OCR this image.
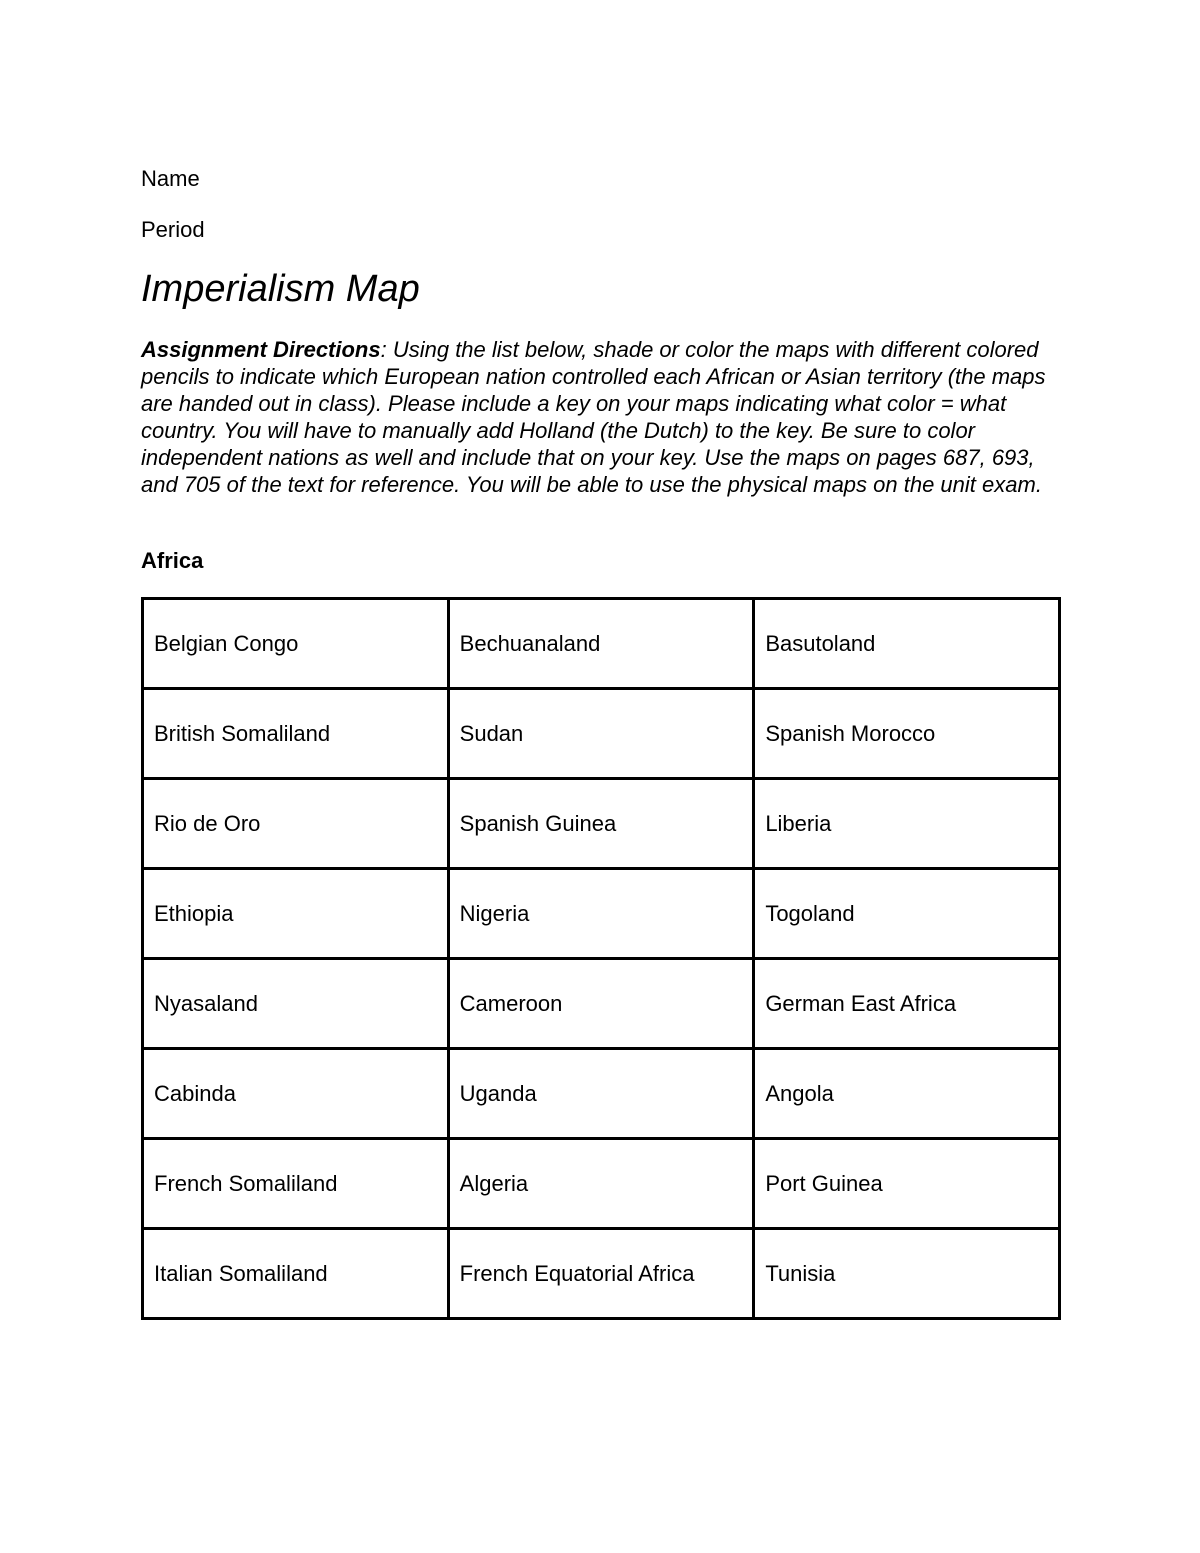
Name
Period
Imperialism Map

Assignment Directions: Using the list below, shade or color the maps with different colored pencils to indicate which European nation controlled each African or Asian territory (the maps are handed out in class). Please include a key on your maps indicating what color = what country. You will have to manually add Holland (the Dutch) to the key. Be sure to color independent nations as well and include that on your key. Use the maps on pages 687, 693, and 705 of the text for reference. You will be able to use the physical maps on the unit exam.

Africa
Belgian Congo	Bechuanaland	Basutoland
British Somaliland	Sudan	Spanish Morocco
Rio de Oro	Spanish Guinea	Liberia
Ethiopia	Nigeria	Togoland
Nyasaland	Cameroon	German East Africa
Cabinda	Uganda	Angola
French Somaliland	Algeria	Port Guinea
Italian Somaliland	French Equatorial Africa	Tunisia
